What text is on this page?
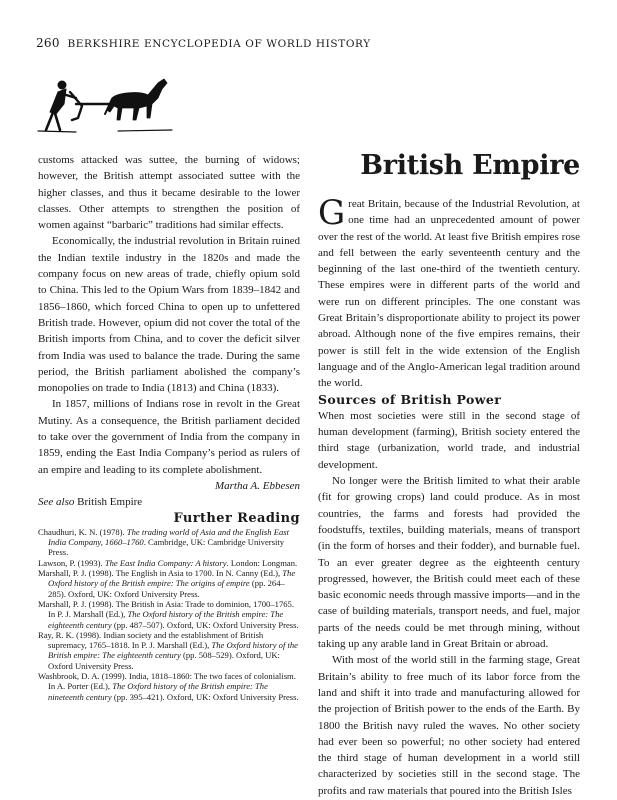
260 BERKSHIRE ENCYCLOPEDIA OF WORLD HISTORY

customs attacked was suttee, the burning of widows; however, the British attempt associated suttee with the higher classes, and thus it became desirable to the lower classes. Other attempts to strengthen the position of women against “barbaric” traditions had similar effects.

Economically, the industrial revolution in Britain ruined the Indian textile industry in the 1820s and made the company focus on new areas of trade, chiefly opium sold to China. This led to the Opium Wars from 1839–1842 and 1856–1860, which forced China to open up to unfettered British trade. However, opium did not cover the total of the British imports from China, and to cover the deficit silver from India was used to balance the trade. During the same period, the British parliament abolished the company’s monopolies on trade to India (1813) and China (1833).

In 1857, millions of Indians rose in revolt in the Great Mutiny. As a consequence, the British parliament decided to take over the government of India from the company in 1859, ending the East India Company’s period as rulers of an empire and leading to its complete abolishment.

Martha A. Ebbesen

See also British Empire

Further Reading

Chaudhuri, K. N. (1978). The trading world of Asia and the English East India Company, 1660–1760. Cambridge, UK: Cambridge University Press.

Lawson, P. (1993). The East India Company: A history. London: Longman.

Marshall, P. J. (1998). The English in Asia to 1700. In N. Canny (Ed.), The Oxford history of the British empire: The origins of empire (pp. 264–285). Oxford, UK: Oxford University Press.

Marshall, P. J. (1998). The British in Asia: Trade to dominion, 1700–1765. In P. J. Marshall (Ed.), The Oxford history of the British empire: The eighteenth century (pp. 487–507). Oxford, UK: Oxford University Press.

Ray, R. K. (1998). Indian society and the establishment of British supremacy, 1765–1818. In P. J. Marshall (Ed.), The Oxford history of the British empire: The eighteenth century (pp. 508–529). Oxford, UK: Oxford University Press.

Washbrook, D. A. (1999). India, 1818–1860: The two faces of colonialism. In A. Porter (Ed.), The Oxford history of the British empire: The nineteenth century (pp. 395–421). Oxford, UK: Oxford University Press.

British Empire

Great Britain, because of the Industrial Revolution, at one time had an unprecedented amount of power over the rest of the world. At least five British empires rose and fell between the early seventeenth century and the beginning of the last one-third of the twentieth century. These empires were in different parts of the world and were run on different principles. The one constant was Great Britain’s disproportionate ability to project its power abroad. Although none of the five empires remains, their power is still felt in the wide extension of the English language and of the Anglo-American legal tradition around the world.

Sources of British Power

When most societies were still in the second stage of human development (farming), British society entered the third stage (urbanization, world trade, and industrial development.

No longer were the British limited to what their arable (fit for growing crops) land could produce. As in most countries, the farms and forests had provided the foodstuffs, textiles, building materials, means of transport (in the form of horses and their fodder), and burnable fuel. To an ever greater degree as the eighteenth century progressed, however, the British could meet each of these basic economic needs through massive imports—and in the case of building materials, transport needs, and fuel, major parts of the needs could be met through mining, without taking up any arable land in Great Britain or abroad.

With most of the world still in the farming stage, Great Britain’s ability to free much of its labor force from the land and shift it into trade and manufacturing allowed for the projection of British power to the ends of the Earth. By 1800 the British navy ruled the waves. No other society had ever been so powerful; no other society had entered the third stage of human development in a world still characterized by societies still in the second stage. The profits and raw materials that poured into the British Isles
